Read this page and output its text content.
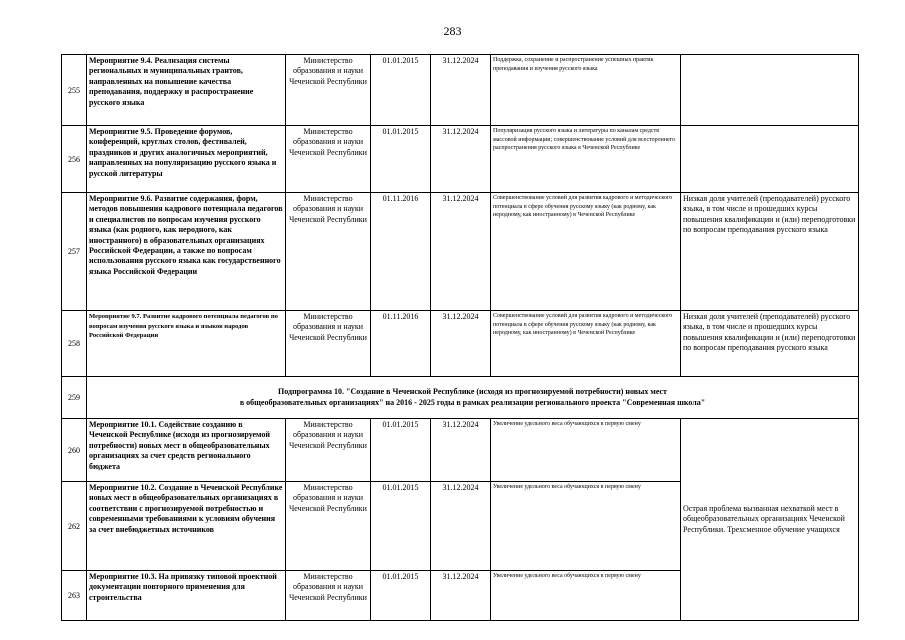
283
255	Мероприятие 9.4. Реализация системы региональных и муниципальных грантов, направленных на повышение качества преподавания, поддержку и распространение русского языка	Министерство образования и науки Чеченской Республики	01.01.2015	31.12.2024	Поддержка, сохранение и распространение успешных практик преподавания и изучения русского языка	
256	Мероприятие 9.5. Проведение форумов, конференций, круглых столов, фестивалей, праздников и других аналогичных мероприятий, направленных на популяризацию русского языка и русской литературы	Министерство образования и науки Чеченской Республики	01.01.2015	31.12.2024	Популяризация русского языка и литературы по каналам средств массовой информации; совершенствование условий для всестороннего распространения русского языка в Чеченской Республике	
257	Мероприятие 9.6. Развитие содержания, форм, методов повышения кадрового потенциала педагогов и специалистов по вопросам изучения русского языка (как родного, как неродного, как иностранного) в образовательных организациях Российской Федерации, а также по вопросам использования русского языка как государственного языка Российской Федерации	Министерство образования и науки Чеченской Республики	01.11.2016	31.12.2024	Совершенствование условий для развития кадрового и методического потенциала в сфере обучения русскому языку (как родному, как неродному, как иностранному) в Чеченской Республике	Низкая доля учителей (преподавателей) русского языка, в том числе и прошедших курсы повышения квалификации и (или) переподготовки по вопросам преподавания русского языка
258	Мероприятие 9.7. Развитие кадрового потенциала педагогов по вопросам изучения русского языка и языков народов Российской Федерации	Министерство образования и науки Чеченской Республики	01.11.2016	31.12.2024	Совершенствование условий для развития кадрового и методического потенциала в сфере обучения русскому языку (как родному, как неродному, как иностранному) в Чеченской Республике	Низкая доля учителей (преподавателей) русского языка, в том числе и прошедших курсы повышения квалификации и (или) переподготовки по вопросам преподавания русского языка
259	Подпрограмма 10. "Создание в Чеченской Республике (исходя из прогнозируемой потребности) новых мест
в общеобразовательных организациях" на 2016 - 2025 годы в рамках реализации регионального проекта "Современная школа"					

260	Мероприятие 10.1. Содействие созданию в Чеченской Республике (исходя из прогнозируемой потребности) новых мест в общеобразовательных организациях за счет средств регионального бюджета	Министерство образования и науки Чеченской Республики	01.01.2015	31.12.2024	Увеличение удельного веса обучающихся в первую смену	Острая проблема вызванная нехваткой мест в общеобразовательных организациях Чеченской Республики. Трехсменное обучение учащихся
262	Мероприятие 10.2. Создание в Чеченской Республике новых мест в общеобразовательных организациях в соответствии с прогнозируемой потребностью и современными требованиями к условиям обучения за счет внебюджетных источников	Министерство образования и науки Чеченской Республики	01.01.2015	31.12.2024	Увеличение удельного веса обучающихся в первую смену	
263	Мероприятие 10.3. На привязку типовой проектной документации повторного применения для строительства	Министерство образования и науки Чеченской Республики	01.01.2015	31.12.2024	Увеличение удельного веса обучающихся в первую смену	
